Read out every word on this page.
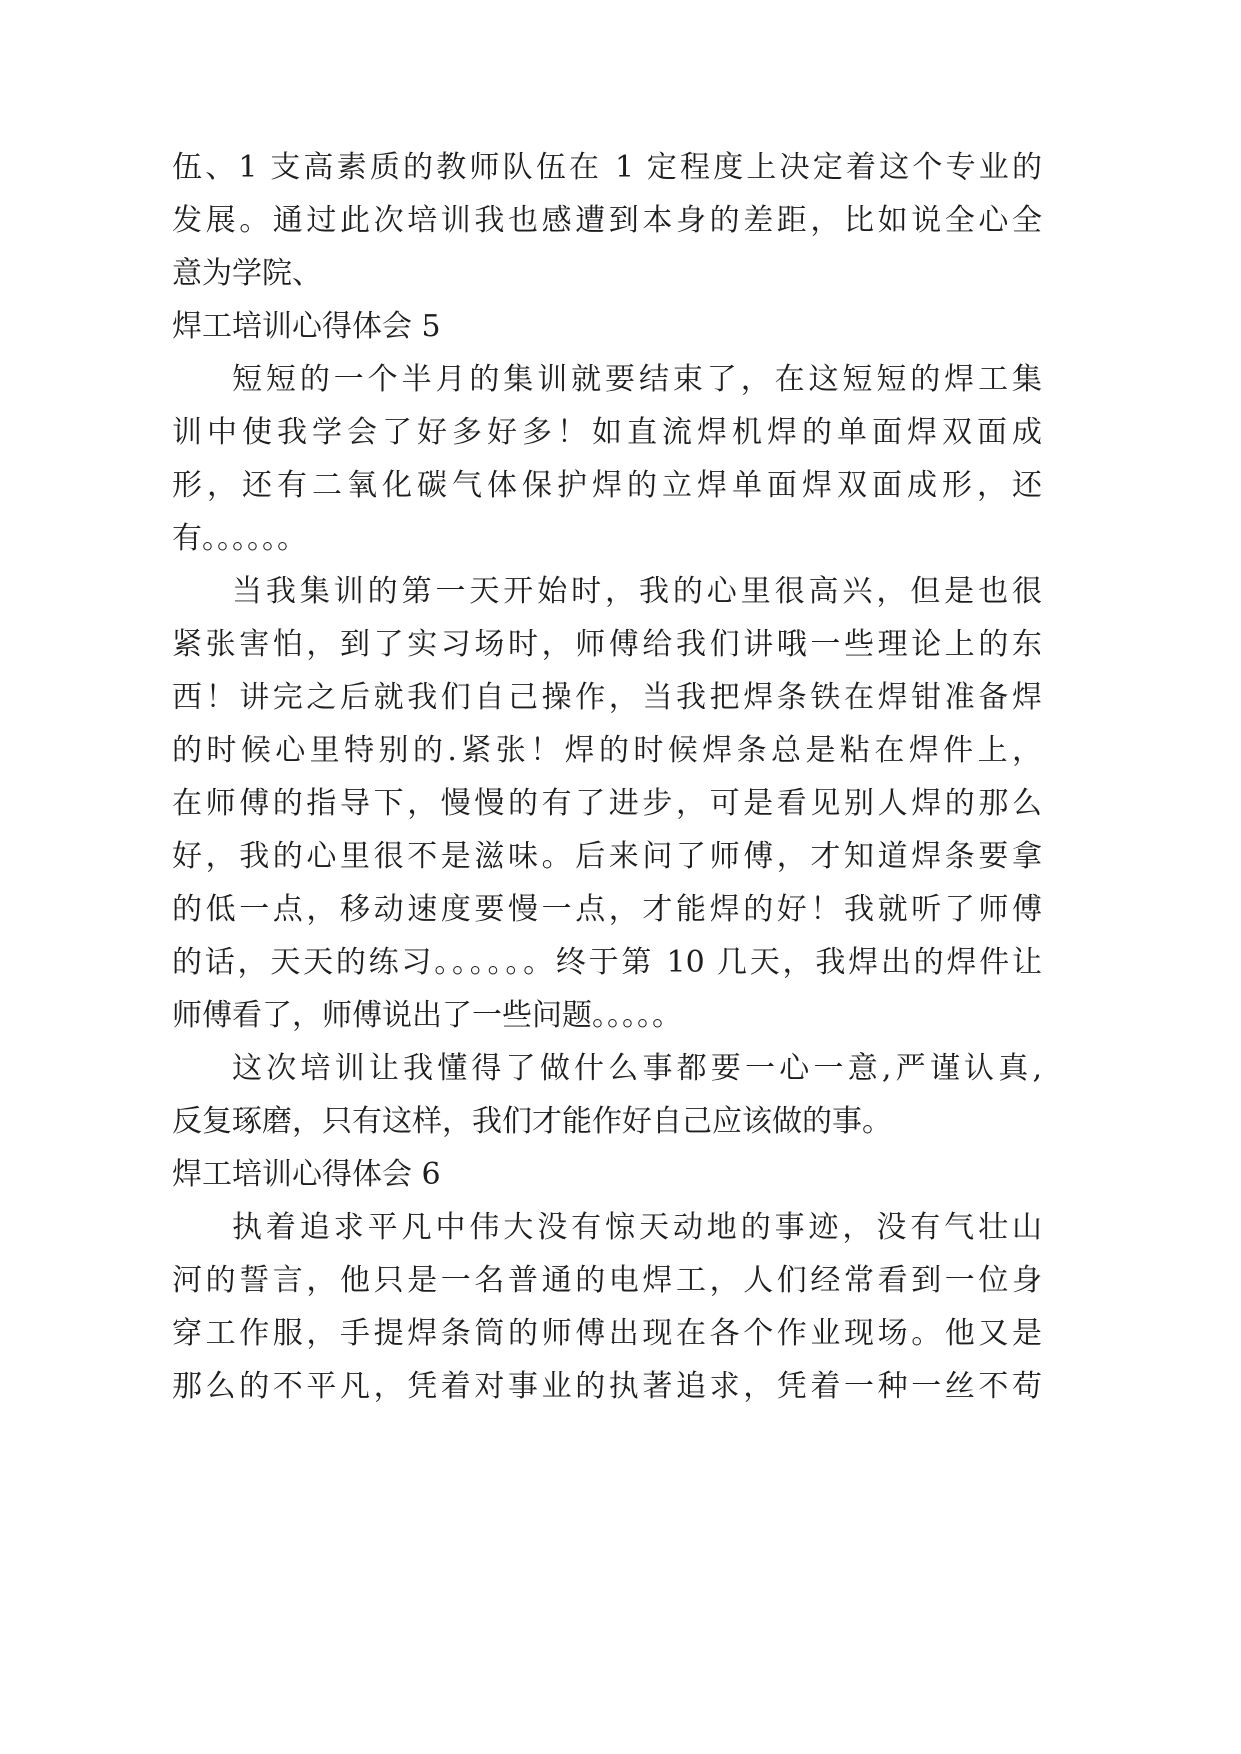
伍、1 支高素质的教师队伍在 1 定程度上决定着这个专业的
发展。通过此次培训我也感遭到本身的差距，比如说全心全
意为学院、
焊工培训心得体会 5
短短的一个半月的集训就要结束了，在这短短的焊工集
训中使我学会了好多好多！如直流焊机焊的单面焊双面成
形，还有二氧化碳气体保护焊的立焊单面焊双面成形，还
有。。。。。。
当我集训的第一天开始时，我的心里很高兴，但是也很
紧张害怕，到了实习场时，师傅给我们讲哦一些理论上的东
西！讲完之后就我们自己操作，当我把焊条铁在焊钳准备焊
的时候心里特别的.紧张！焊的时候焊条总是粘在焊件上，
在师傅的指导下，慢慢的有了进步，可是看见别人焊的那么
好，我的心里很不是滋味。后来问了师傅，才知道焊条要拿
的低一点，移动速度要慢一点，才能焊的好！我就听了师傅
的话，天天的练习。。。。。。终于第 10 几天，我焊出的焊件让
师傅看了，师傅说出了一些问题。。。。。
这次培训让我懂得了做什么事都要一心一意,严谨认真,
反复琢磨，只有这样，我们才能作好自己应该做的事。
焊工培训心得体会 6
执着追求平凡中伟大没有惊天动地的事迹，没有气壮山
河的誓言，他只是一名普通的电焊工，人们经常看到一位身
穿工作服，手提焊条筒的师傅出现在各个作业现场。他又是
那么的不平凡，凭着对事业的执著追求，凭着一种一丝不苟
